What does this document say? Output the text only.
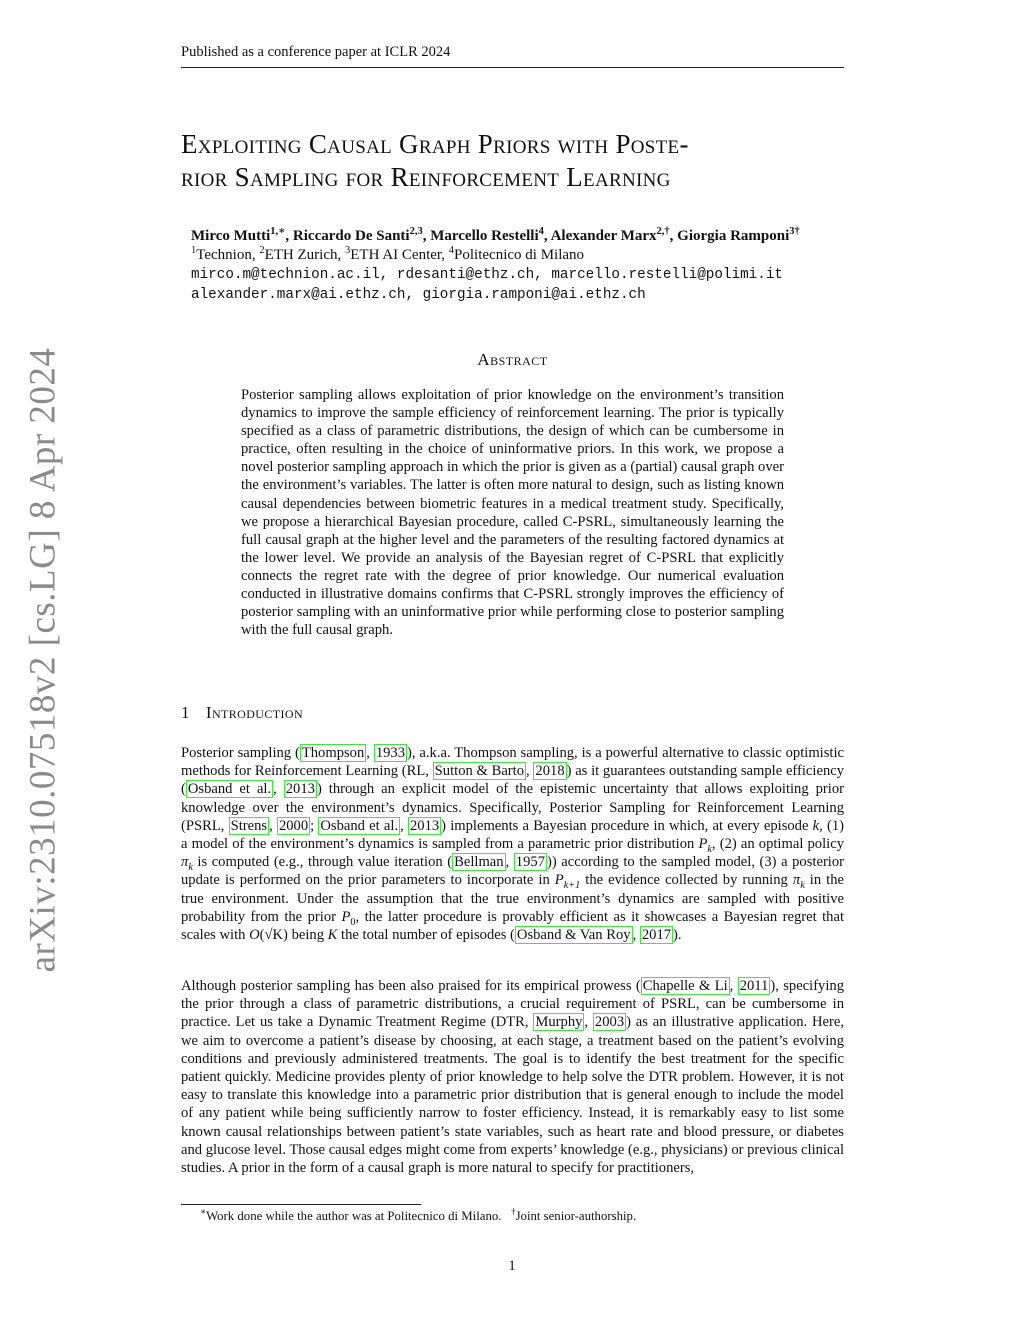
Published as a conference paper at ICLR 2024
arXiv:2310.07518v2 [cs.LG] 8 Apr 2024
Exploiting Causal Graph Priors with Poste-
rior Sampling for Reinforcement Learning
Mirco Mutti$^{1,∗}$, Riccardo De Santi$^{2,3}$, Marcello Restelli$^4$, Alexander Marx$^{2,\dagger}$, Giorgia Ramponi$^{3\dagger}$
$^1$Technion, $^2$ETH Zurich, $^3$ETH AI Center, $^4$Politecnico di Milano
mirco.m@technion.ac.il, rdesanti@ethz.ch, marcello.restelli@polimi.it
alexander.marx@ai.ethz.ch, giorgia.ramponi@ai.ethz.ch
Abstract
Posterior sampling allows exploitation of prior knowledge on the environment’s transition dynamics to improve the sample efficiency of reinforcement learning. The prior is typically specified as a class of parametric distributions, the design of which can be cumbersome in practice, often resulting in the choice of uninformative priors. In this work, we propose a novel posterior sampling approach in which the prior is given as a (partial) causal graph over the environment’s variables. The latter is often more natural to design, such as listing known causal dependencies between biometric features in a medical treatment study. Specifically, we propose a hierarchical Bayesian procedure, called C-PSRL, simultaneously learning the full causal graph at the higher level and the parameters of the resulting factored dynamics at the lower level. We provide an analysis of the Bayesian regret of C-PSRL that explicitly connects the regret rate with the degree of prior knowledge. Our numerical evaluation conducted in illustrative domains confirms that C-PSRL strongly improves the efficiency of posterior sampling with an uninformative prior while performing close to posterior sampling with the full causal graph.
1 Introduction
Posterior sampling ( Thompson , 1933 ), a.k.a. Thompson sampling, is a powerful alternative to classic optimistic methods for Reinforcement Learning (RL, Sutton & Barto , 2018 ) as it guarantees outstanding sample efficiency ( Osband et al. , 2013 ) through an explicit model of the epistemic uncertainty that allows exploiting prior knowledge over the environment’s dynamics. Specifically, Posterior Sampling for Reinforcement Learning (PSRL, Strens , 2000 ; Osband et al. , 2013 ) implements a Bayesian procedure in which, at every episode k, (1) a model of the environment’s dynamics is sampled from a parametric prior distribution $P_k$, (2) an optimal policy $\pi_k$ is computed (e.g., through value iteration ( Bellman , 1957 )) according to the sampled model, (3) a posterior update is performed on the prior parameters to incorporate in $P_{k+1}$ the evidence collected by running $\pi_k$ in the true environment. Under the assumption that the true environment’s dynamics are sampled with positive probability from the prior $P_0$, the latter procedure is provably efficient as it showcases a Bayesian regret that scales with O(√K) being K the total number of episodes ( Osband & Van Roy , 2017 ).
Although posterior sampling has been also praised for its empirical prowess ( Chapelle & Li , 2011 ), specifying the prior through a class of parametric distributions, a crucial requirement of PSRL, can be cumbersome in practice. Let us take a Dynamic Treatment Regime (DTR, Murphy , 2003 ) as an illustrative application. Here, we aim to overcome a patient’s disease by choosing, at each stage, a treatment based on the patient’s evolving conditions and previously administered treatments. The goal is to identify the best treatment for the specific patient quickly. Medicine provides plenty of prior knowledge to help solve the DTR problem. However, it is not easy to translate this knowledge into a parametric prior distribution that is general enough to include the model of any patient while being sufficiently narrow to foster efficiency. Instead, it is remarkably easy to list some known causal relationships between patient’s state variables, such as heart rate and blood pressure, or diabetes and glucose level. Those causal edges might come from experts’ knowledge (e.g., physicians) or previous clinical studies. A prior in the form of a causal graph is more natural to specify for practitioners,
∗Work done while the author was at Politecnico di Milano. †Joint senior-authorship.
1
